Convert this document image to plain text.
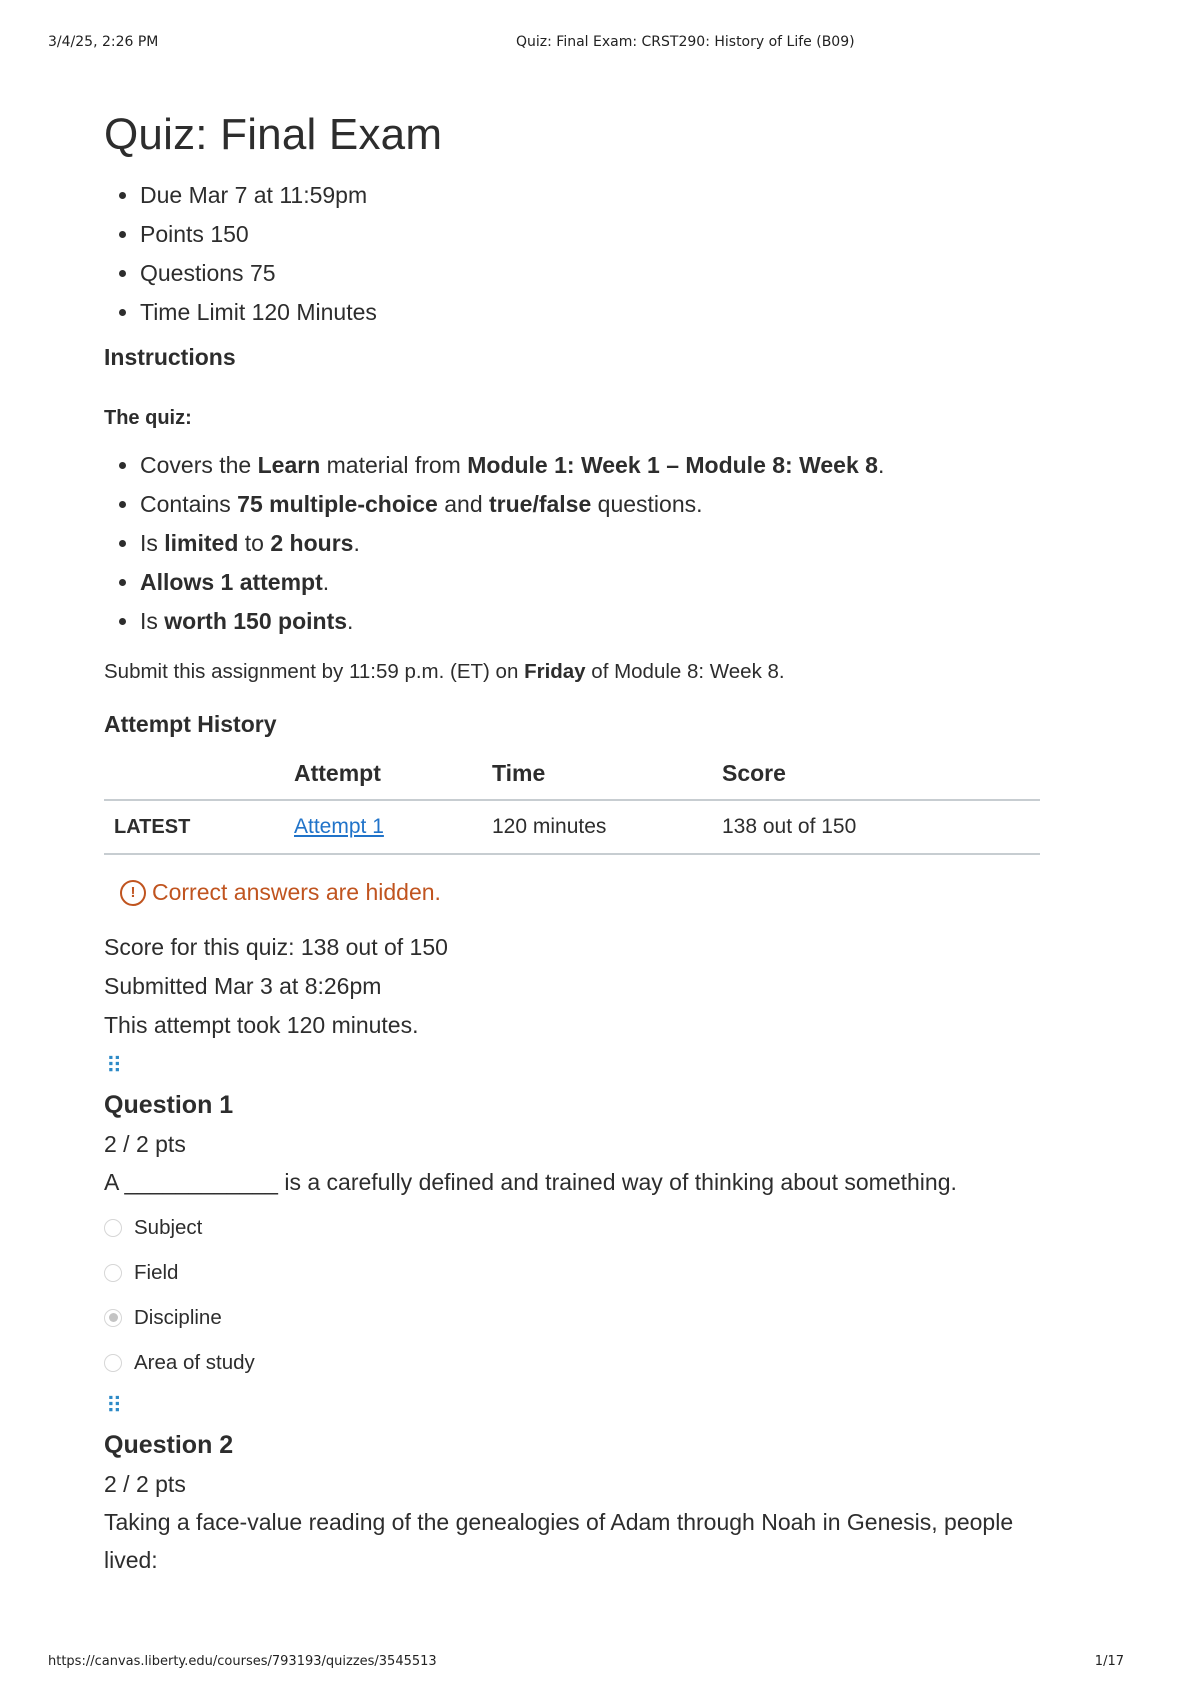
3/4/25, 2:26 PM	Quiz: Final Exam: CRST290: History of Life (B09)
Quiz: Final Exam
• Due Mar 7 at 11:59pm
• Points 150
• Questions 75
• Time Limit 120 Minutes
Instructions
The quiz:
• Covers the Learn material from Module 1: Week 1 – Module 8: Week 8.
• Contains 75 multiple-choice and true/false questions.
• Is limited to 2 hours.
• Allows 1 attempt.
• Is worth 150 points.
Submit this assignment by 11:59 p.m. (ET) on Friday of Module 8: Week 8.
Attempt History
	Attempt	Time	Score
LATEST	Attempt 1	120 minutes	138 out of 150
! Correct answers are hidden.
Score for this quiz: 138 out of 150
Submitted Mar 3 at 8:26pm
This attempt took 120 minutes.
⠿
Question 1
2 / 2 pts
A ____________ is a carefully defined and trained way of thinking about something.
Subject
Field
Discipline
Area of study
⠿
Question 2
2 / 2 pts
Taking a face-value reading of the genealogies of Adam through Noah in Genesis, people lived:
https://canvas.liberty.edu/courses/793193/quizzes/3545513	1/17
